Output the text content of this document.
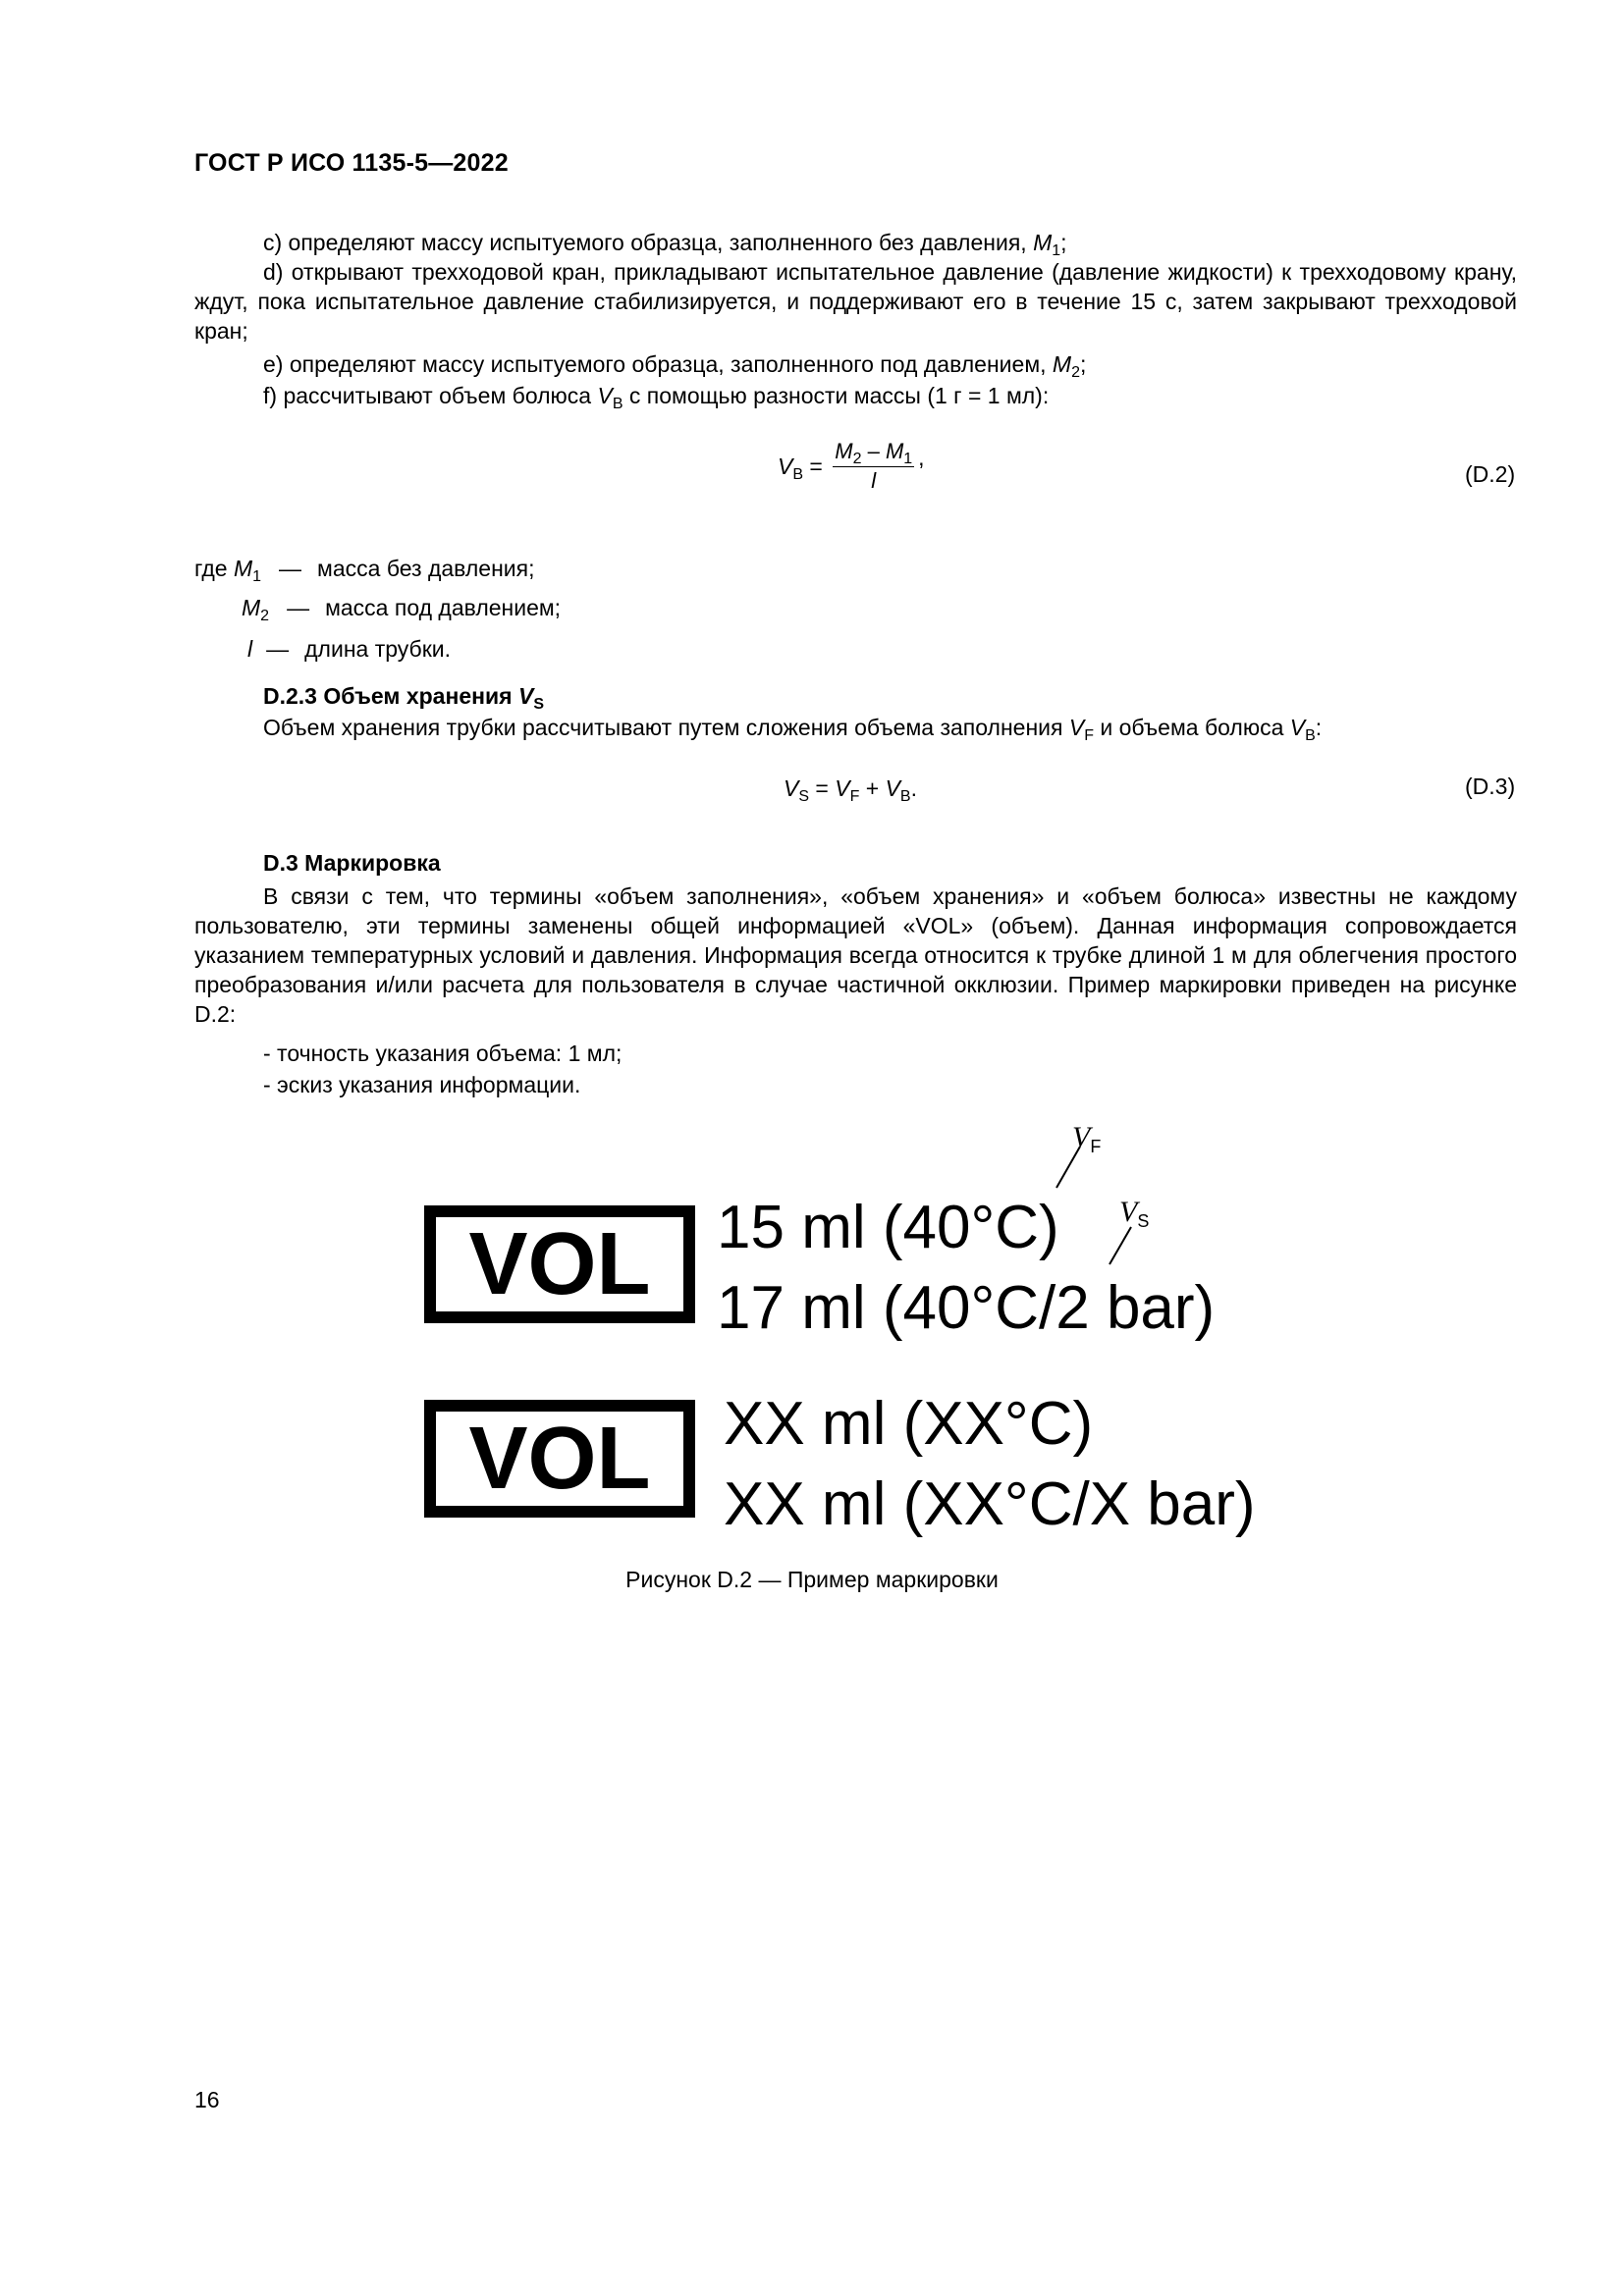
ГОСТ Р ИСО 1135-5—2022
c) определяют массу испытуемого образца, заполненного без давления, $M_1$;
d) открывают трехходовой кран, прикладывают испытательное давление (давление жидкости) к трехходовому крану, ждут, пока испытательное давление стабилизируется, и поддерживают его в течение 15 с, затем закрывают трехходовой кран;
e) определяют массу испытуемого образца, заполненного под давлением, $M_2$;
f) рассчитывают объем болюса $V_B$ с помощью разности массы (1 г = 1 мл):
$V_B = \frac{M_2 - M_1}{l}$ ,
(D.2)
где $M_1$ — масса без давления;
$M_2$ — масса под давлением;
l — длина трубки.
D.2.3 Объем хранения $V_S$
Объем хранения трубки рассчитывают путем сложения объема заполнения $V_F$ и объема болюса $V_B$:
$V_S = V_F + V_B$.	(D.3)
D.3 Маркировка
В связи с тем, что термины «объем заполнения», «объем хранения» и «объем болюса» известны не каждому пользователю, эти термины заменены общей информацией «VOL» (объем). Данная информация сопровождается указанием температурных условий и давления. Информация всегда относится к трубке длиной 1 м для облегчения простого преобразования и/или расчета для пользователя в случае частичной окклюзии. Пример маркировки приведен на рисунке D.2:
- точность указания объема: 1 мл;
- эскиз указания информации.
VOL	15 ml (40°C)
17 ml (40°C/2 bar)
$V_F$
$V_S$
VOL	XX ml (XX°C)
XX ml (XX°C/X bar)
Рисунок D.2 — Пример маркировки
16
